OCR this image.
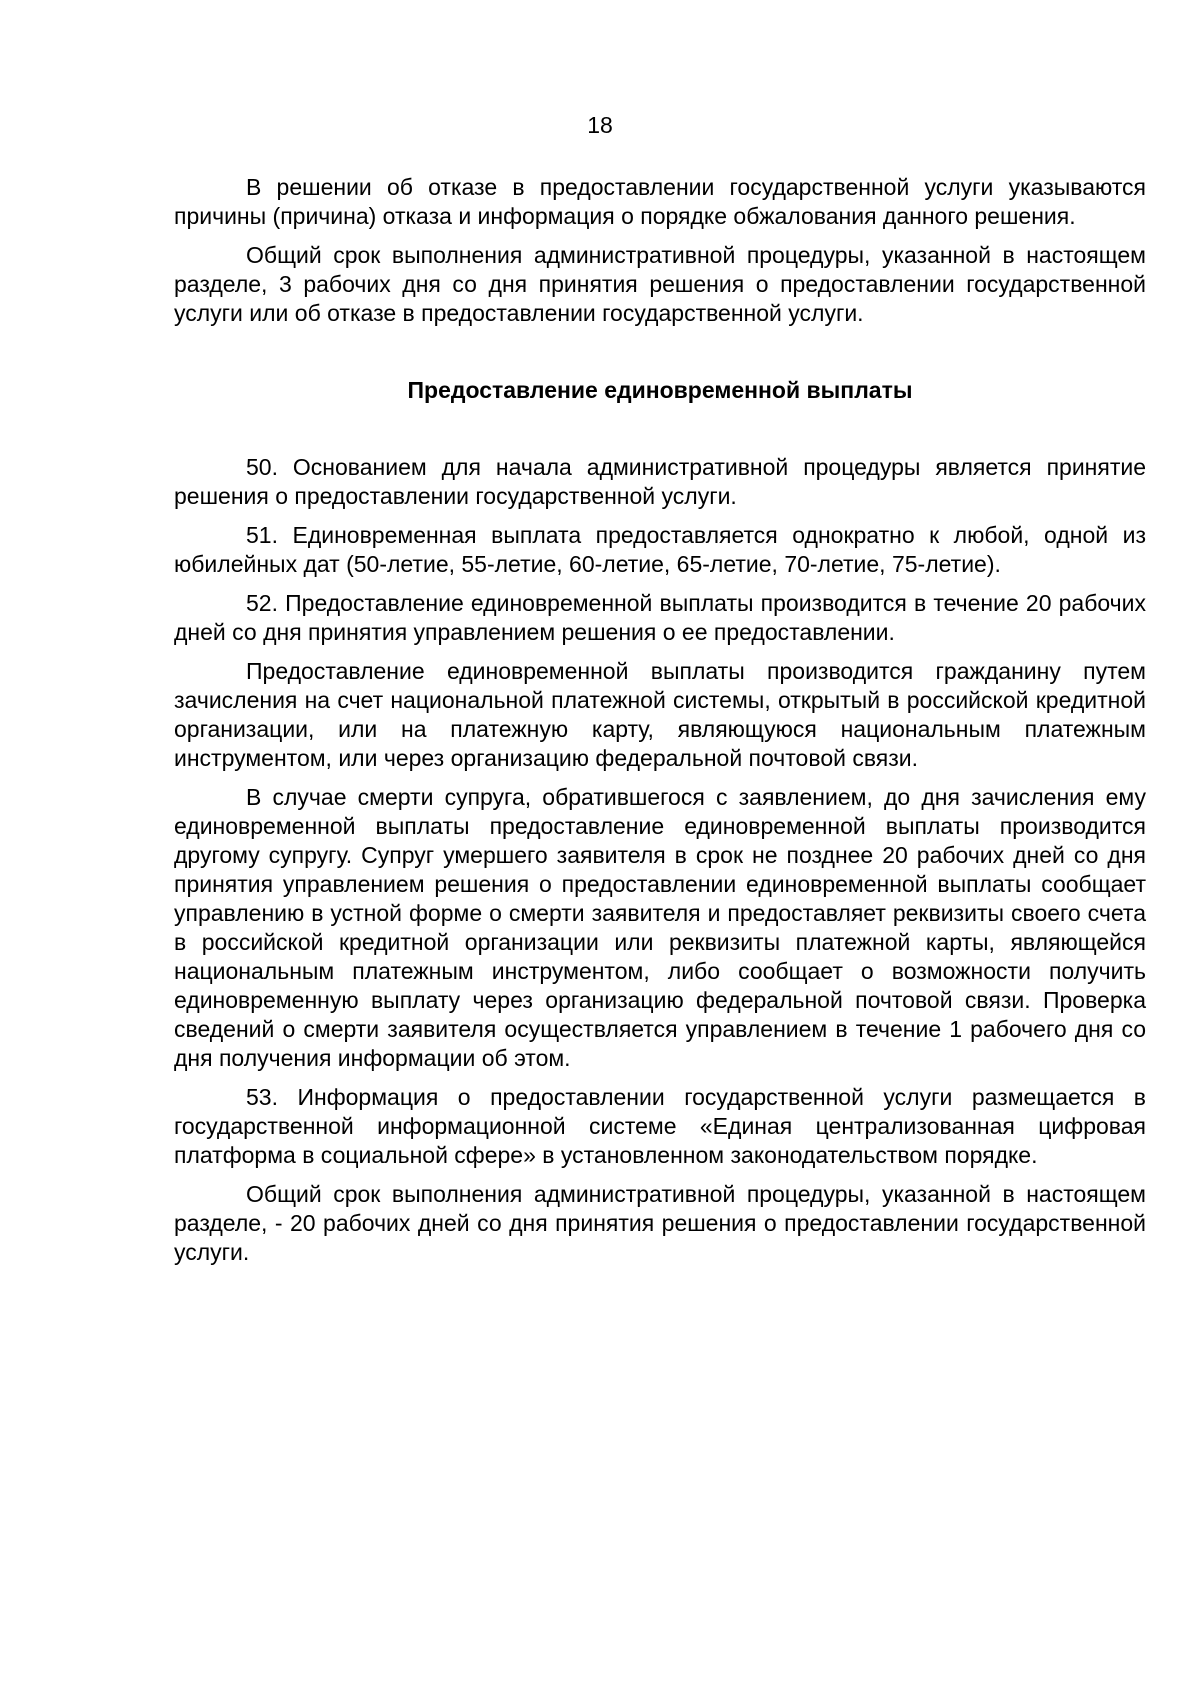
18

В решении об отказе в предоставлении государственной услуги указываются причины (причина) отказа и информация о порядке обжалования данного решения.

Общий срок выполнения административной процедуры, указанной в настоящем разделе, 3 рабочих дня со дня принятия решения о предоставлении государственной услуги или об отказе в предоставлении государственной услуги.

Предоставление единовременной выплаты

50. Основанием для начала административной процедуры является принятие решения о предоставлении государственной услуги.

51. Единовременная выплата предоставляется однократно к любой, одной из юбилейных дат (50-летие, 55-летие, 60-летие, 65-летие, 70-летие, 75-летие).

52. Предоставление единовременной выплаты производится в течение 20 рабочих дней со дня принятия управлением решения о ее предоставлении.

Предоставление единовременной выплаты производится гражданину путем зачисления на счет национальной платежной системы, открытый в российской кредитной организации, или на платежную карту, являющуюся национальным платежным инструментом, или через организацию федеральной почтовой связи.

В случае смерти супруга, обратившегося с заявлением, до дня зачисления ему единовременной выплаты предоставление единовременной выплаты производится другому супругу. Супруг умершего заявителя в срок не позднее 20 рабочих дней со дня принятия управлением решения о предоставлении единовременной выплаты сообщает управлению в устной форме о смерти заявителя и предоставляет реквизиты своего счета в российской кредитной организации или реквизиты платежной карты, являющейся национальным платежным инструментом, либо сообщает о возможности получить единовременную выплату через организацию федеральной почтовой связи. Проверка сведений о смерти заявителя осуществляется управлением в течение 1 рабочего дня со дня получения информации об этом.

53. Информация о предоставлении государственной услуги размещается в государственной информационной системе «Единая централизованная цифровая платформа в социальной сфере» в установленном законодательством порядке.

Общий срок выполнения административной процедуры, указанной в настоящем разделе, - 20 рабочих дней со дня принятия решения о предоставлении государственной услуги.
